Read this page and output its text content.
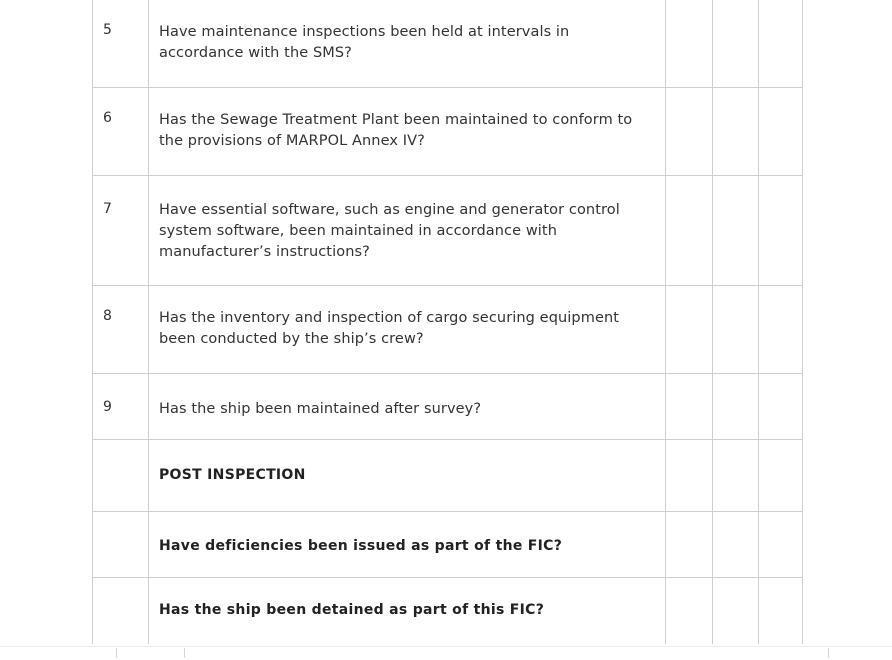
5	Have maintenance inspections been held at intervals in accordance with the SMS?
6	Has the Sewage Treatment Plant been maintained to conform to the provisions of MARPOL Annex IV?
7	Have essential software, such as engine and generator control system software, been maintained in accordance with manufacturer’s instructions?
8	Has the inventory and inspection of cargo securing equipment been conducted by the ship’s crew?
9	Has the ship been maintained after survey?
POST INSPECTION
Have deficiencies been issued as part of the FIC?
Has the ship been detained as part of this FIC?
